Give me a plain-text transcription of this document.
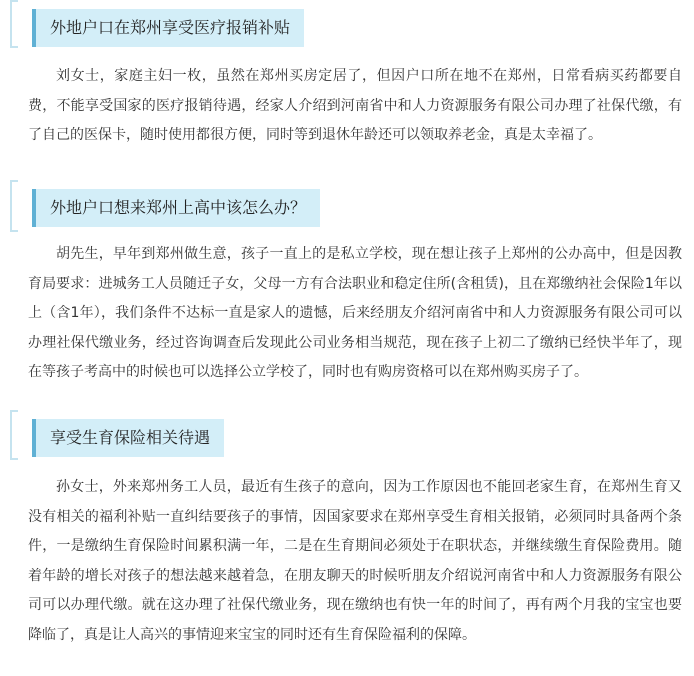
外地户口在郑州享受医疗报销补贴

刘女士，家庭主妇一枚，虽然在郑州买房定居了，但因户口所在地不在郑州，日常看病买药都要自费，不能享受国家的医疗报销待遇，经家人介绍到河南省中和人力资源服务有限公司办理了社保代缴，有了自己的医保卡，随时使用都很方便，同时等到退休年龄还可以领取养老金，真是太幸福了。

外地户口想来郑州上高中该怎么办？

胡先生，早年到郑州做生意，孩子一直上的是私立学校，现在想让孩子上郑州的公办高中，但是因教育局要求：进城务工人员随迁子女，父母一方有合法职业和稳定住所(含租赁)，且在郑缴纳社会保险1年以上（含1年），我们条件不达标一直是家人的遗憾，后来经朋友介绍河南省中和人力资源服务有限公司可以办理社保代缴业务，经过咨询调查后发现此公司业务相当规范，现在孩子上初二了缴纳已经快半年了，现在等孩子考高中的时候也可以选择公立学校了，同时也有购房资格可以在郑州购买房子了。

享受生育保险相关待遇

孙女士，外来郑州务工人员，最近有生孩子的意向，因为工作原因也不能回老家生育，在郑州生育又没有相关的福利补贴一直纠结要孩子的事情，因国家要求在郑州享受生育相关报销，必须同时具备两个条件，一是缴纳生育保险时间累积满一年，二是在生育期间必须处于在职状态，并继续缴生育保险费用。随着年龄的增长对孩子的想法越来越着急，在朋友聊天的时候听朋友介绍说河南省中和人力资源服务有限公司可以办理代缴。就在这办理了社保代缴业务，现在缴纳也有快一年的时间了，再有两个月我的宝宝也要降临了，真是让人高兴的事情迎来宝宝的同时还有生育保险福利的保障。
